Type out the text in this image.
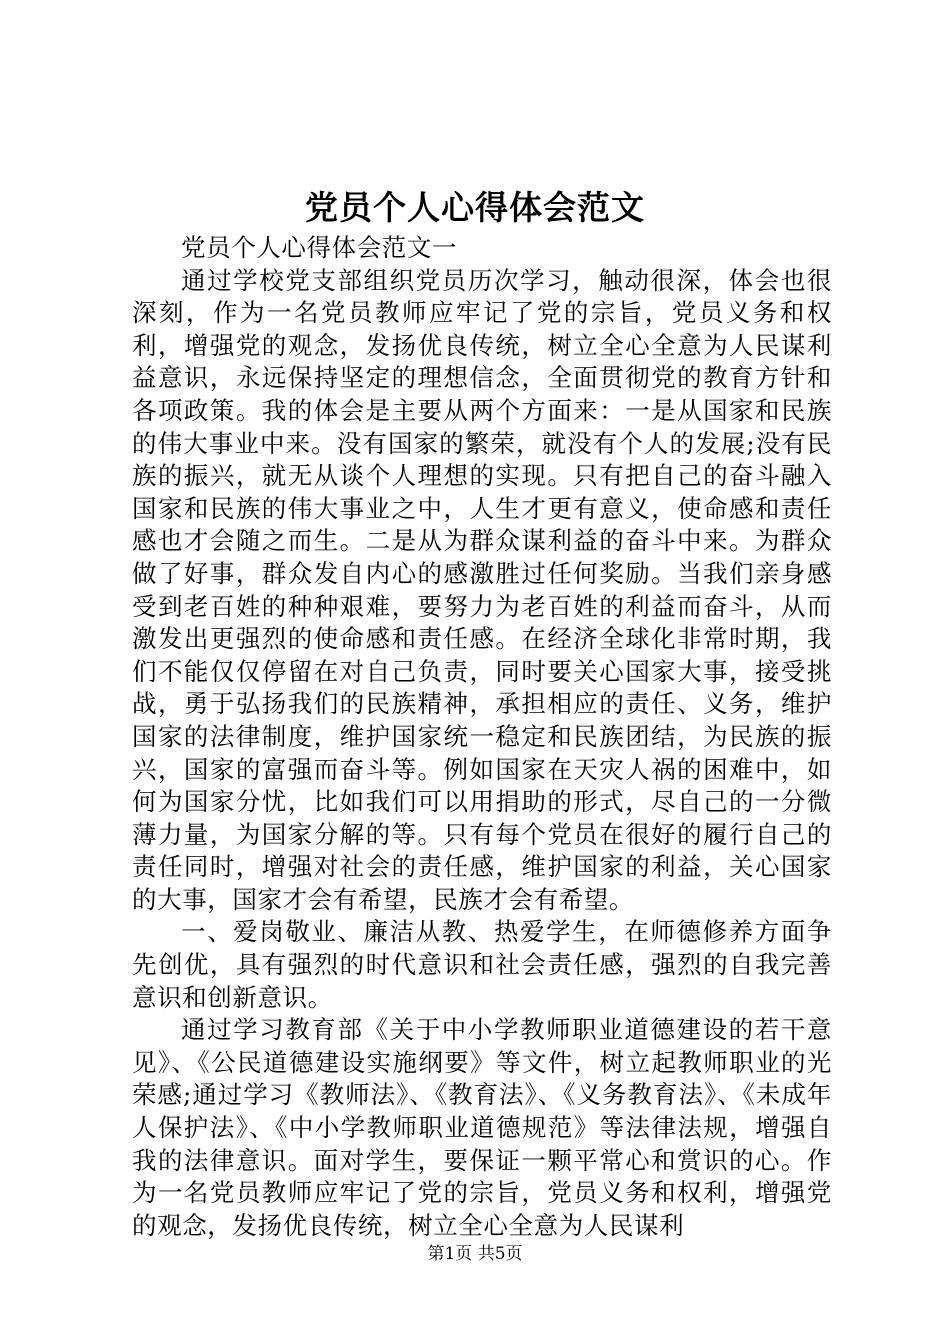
党员个人心得体会范文

党员个人心得体会范文一

通过学校党支部组织党员历次学习，触动很深，体会也很深刻，作为一名党员教师应牢记了党的宗旨，党员义务和权利，增强党的观念，发扬优良传统，树立全心全意为人民谋利益意识，永远保持坚定的理想信念，全面贯彻党的教育方针和各项政策。我的体会是主要从两个方面来：一是从国家和民族的伟大事业中来。没有国家的繁荣，就没有个人的发展;没有民族的振兴，就无从谈个人理想的实现。只有把自己的奋斗融入国家和民族的伟大事业之中，人生才更有意义，使命感和责任感也才会随之而生。二是从为群众谋利益的奋斗中来。为群众做了好事，群众发自内心的感激胜过任何奖励。当我们亲身感受到老百姓的种种艰难，要努力为老百姓的利益而奋斗，从而激发出更强烈的使命感和责任感。在经济全球化非常时期，我们不能仅仅停留在对自己负责，同时要关心国家大事，接受挑战，勇于弘扬我们的民族精神，承担相应的责任、义务，维护国家的法律制度，维护国家统一稳定和民族团结，为民族的振兴，国家的富强而奋斗等。例如国家在天灾人祸的困难中，如何为国家分忧，比如我们可以用捐助的形式，尽自己的一分微薄力量，为国家分解的等。只有每个党员在很好的履行自己的责任同时，增强对社会的责任感，维护国家的利益，关心国家的大事，国家才会有希望，民族才会有希望。

一、爱岗敬业、廉洁从教、热爱学生，在师德修养方面争先创优，具有强烈的时代意识和社会责任感，强烈的自我完善意识和创新意识。

通过学习教育部《关于中小学教师职业道德建设的若干意见》、《公民道德建设实施纲要》等文件，树立起教师职业的光荣感;通过学习《教师法》、《教育法》、《义务教育法》、《未成年人保护法》、《中小学教师职业道德规范》等法律法规，增强自我的法律意识。面对学生，要保证一颗平常心和赏识的心。作为一名党员教师应牢记了党的宗旨，党员义务和权利，增强党的观念，发扬优良传统，树立全心全意为人民谋利

第1页 共5页
